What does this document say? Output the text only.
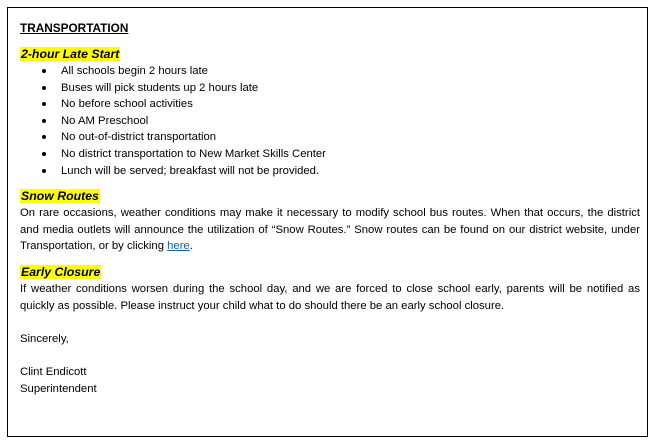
TRANSPORTATION
2-hour Late Start
All schools begin 2 hours late
Buses will pick students up 2 hours late
No before school activities
No AM Preschool
No out-of-district transportation
No district transportation to New Market Skills Center
Lunch will be served; breakfast will not be provided.
Snow Routes

On rare occasions, weather conditions may make it necessary to modify school bus routes. When that occurs, the district and media outlets will announce the utilization of “Snow Routes.” Snow routes can be found on our district website, under Transportation, or by clicking here.

Early Closure

If weather conditions worsen during the school day, and we are forced to close school early, parents will be notified as quickly as possible. Please instruct your child what to do should there be an early school closure.

Sincerely,
Clint Endicott
Superintendent
